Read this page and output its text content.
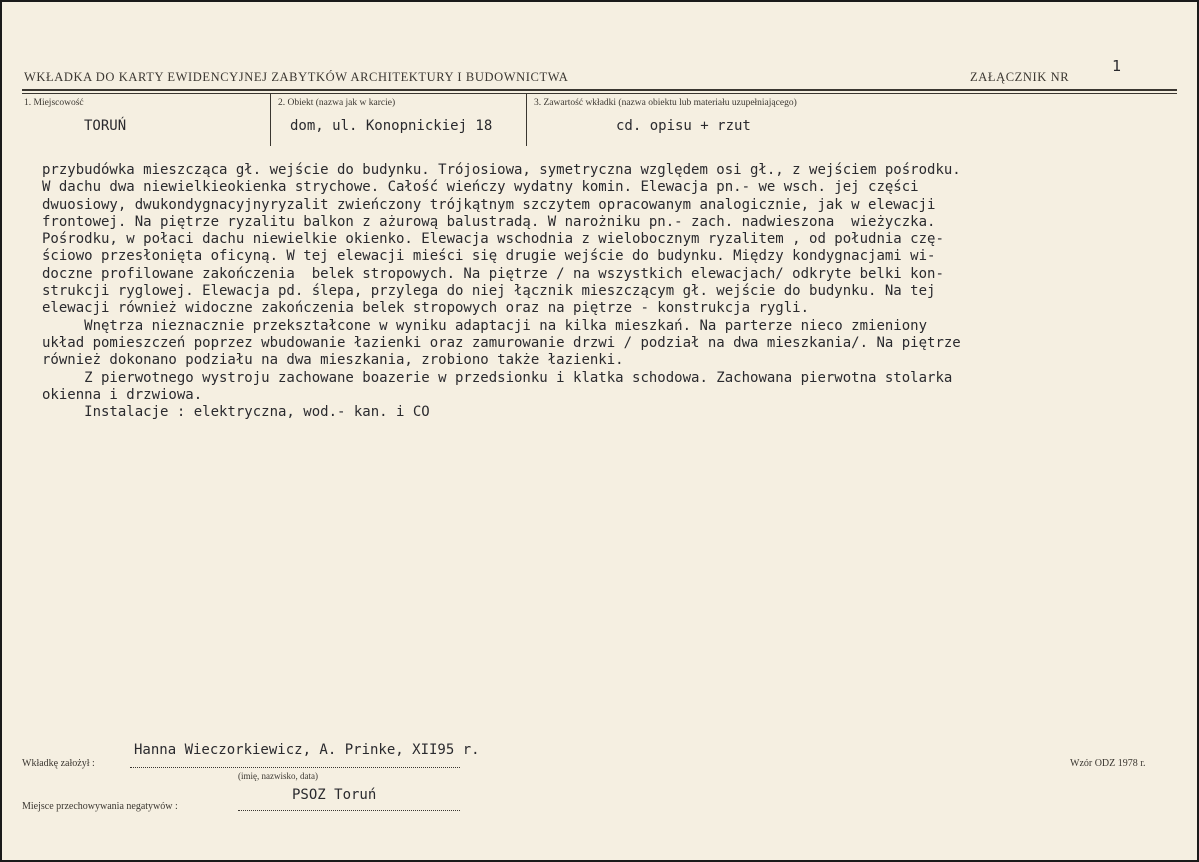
WKŁADKA DO KARTY EWIDENCYJNEJ ZABYTKÓW ARCHITEKTURY I BUDOWNICTWA	ZAŁĄCZNIK NR
1
1. Miejscowość
TORUŃ
2. Obiekt (nazwa jak w karcie)
dom, ul. Konopnickiej 18
3. Zawartość wkładki (nazwa obiektu lub materiału uzupełniającego)
cd. opisu + rzut
przybudówka mieszcząca gł. wejście do budynku. Trójosiowa, symetryczna względem osi gł., z wejściem pośrodku.
W dachu dwa niewielkieokienka strychowe. Całość wieńczy wydatny komin. Elewacja pn.- we wsch. jej części
dwuosiowy, dwukondygnacyjnyryzalit zwieńczony trójkątnym szczytem opracowanym analogicznie, jak w elewacji
frontowej. Na piętrze ryzalitu balkon z ażurową balustradą. W narożniku pn.- zach. nadwieszona  wieżyczka.
Pośrodku, w połaci dachu niewielkie okienko. Elewacja wschodnia z wielobocznym ryzalitem , od południa czę-
ściowo przesłonięta oficyną. W tej elewacji mieści się drugie wejście do budynku. Między kondygnacjami wi-
doczne profilowane zakończenia  belek stropowych. Na piętrze / na wszystkich elewacjach/ odkryte belki kon-
strukcji ryglowej. Elewacja pd. ślepa, przylega do niej łącznik mieszczącym gł. wejście do budynku. Na tej
elewacji również widoczne zakończenia belek stropowych oraz na piętrze - konstrukcja rygli.
Wnętrza nieznacznie przekształcone w wyniku adaptacji na kilka mieszkań. Na parterze nieco zmieniony
układ pomieszczeń poprzez wbudowanie łazienki oraz zamurowanie drzwi / podział na dwa mieszkania/. Na piętrze
również dokonano podziału na dwa mieszkania, zrobiono także łazienki.
Z pierwotnego wystroju zachowane boazerie w przedsionku i klatka schodowa. Zachowana pierwotna stolarka
okienna i drzwiowa.
Instalacje : elektryczna, wod.- kan. i CO
Wkładkę założył :
Hanna Wieczorkiewicz, A. Prinke, XII95 r.
(imię, nazwisko, data)
Miejsce przechowywania negatywów :
PSOZ Toruń
Wzór ODZ 1978 r.
